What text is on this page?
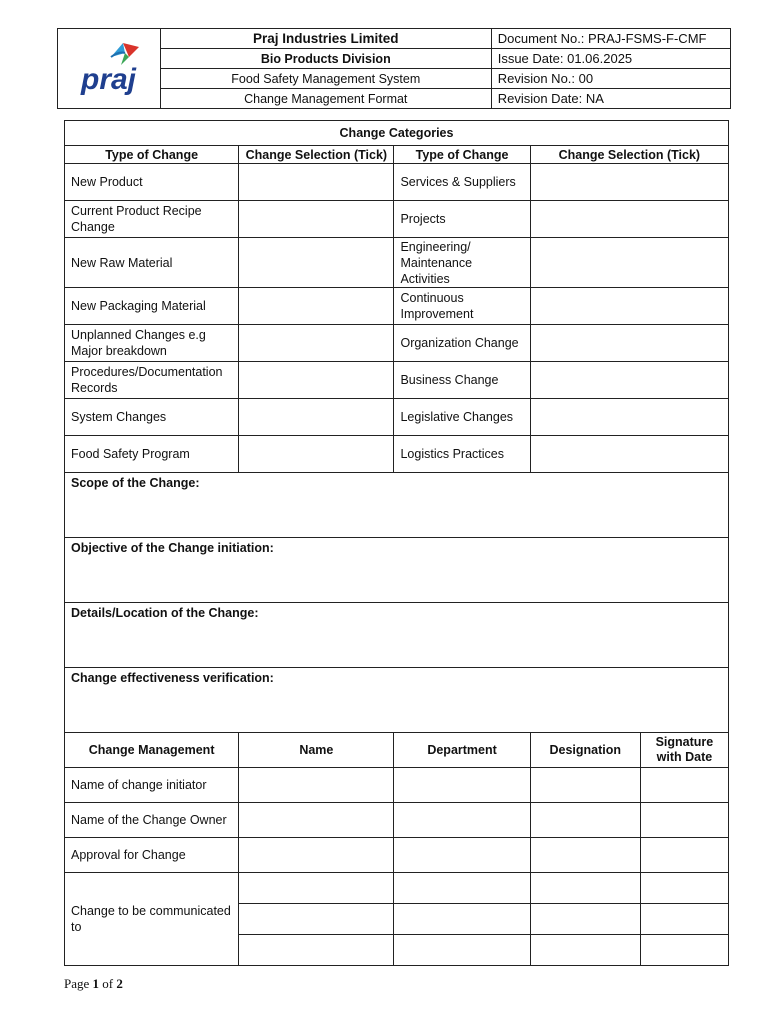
praj	Praj Industries Limited	Document No.: PRAJ-FSMS-F-CMF
	Bio Products Division	Issue Date: 01.06.2025
	Food Safety Management System	Revision No.: 00
	Change Management Format	Revision Date: NA
Change Categories				
Type of Change	Change Selection (Tick)	Type of Change	Change Selection (Tick)	
New Product		Services & Suppliers		
Current Product Recipe Change		Projects		
New Raw Material		Engineering/ Maintenance Activities		
New Packaging Material		Continuous Improvement		
Unplanned Changes e.g Major breakdown		Organization Change		
Procedures/Documentation Records		Business Change		
System Changes		Legislative Changes		
Food Safety Program		Logistics Practices		
Scope of the Change:				
Objective of the Change initiation:				
Details/Location of the Change:				
Change effectiveness verification:				
Change Management	Name	Department	Designation	Signature with Date
Name of change initiator				
Name of the Change Owner				
Approval for Change				
Change to be communicated to				

Page 1 of 2
